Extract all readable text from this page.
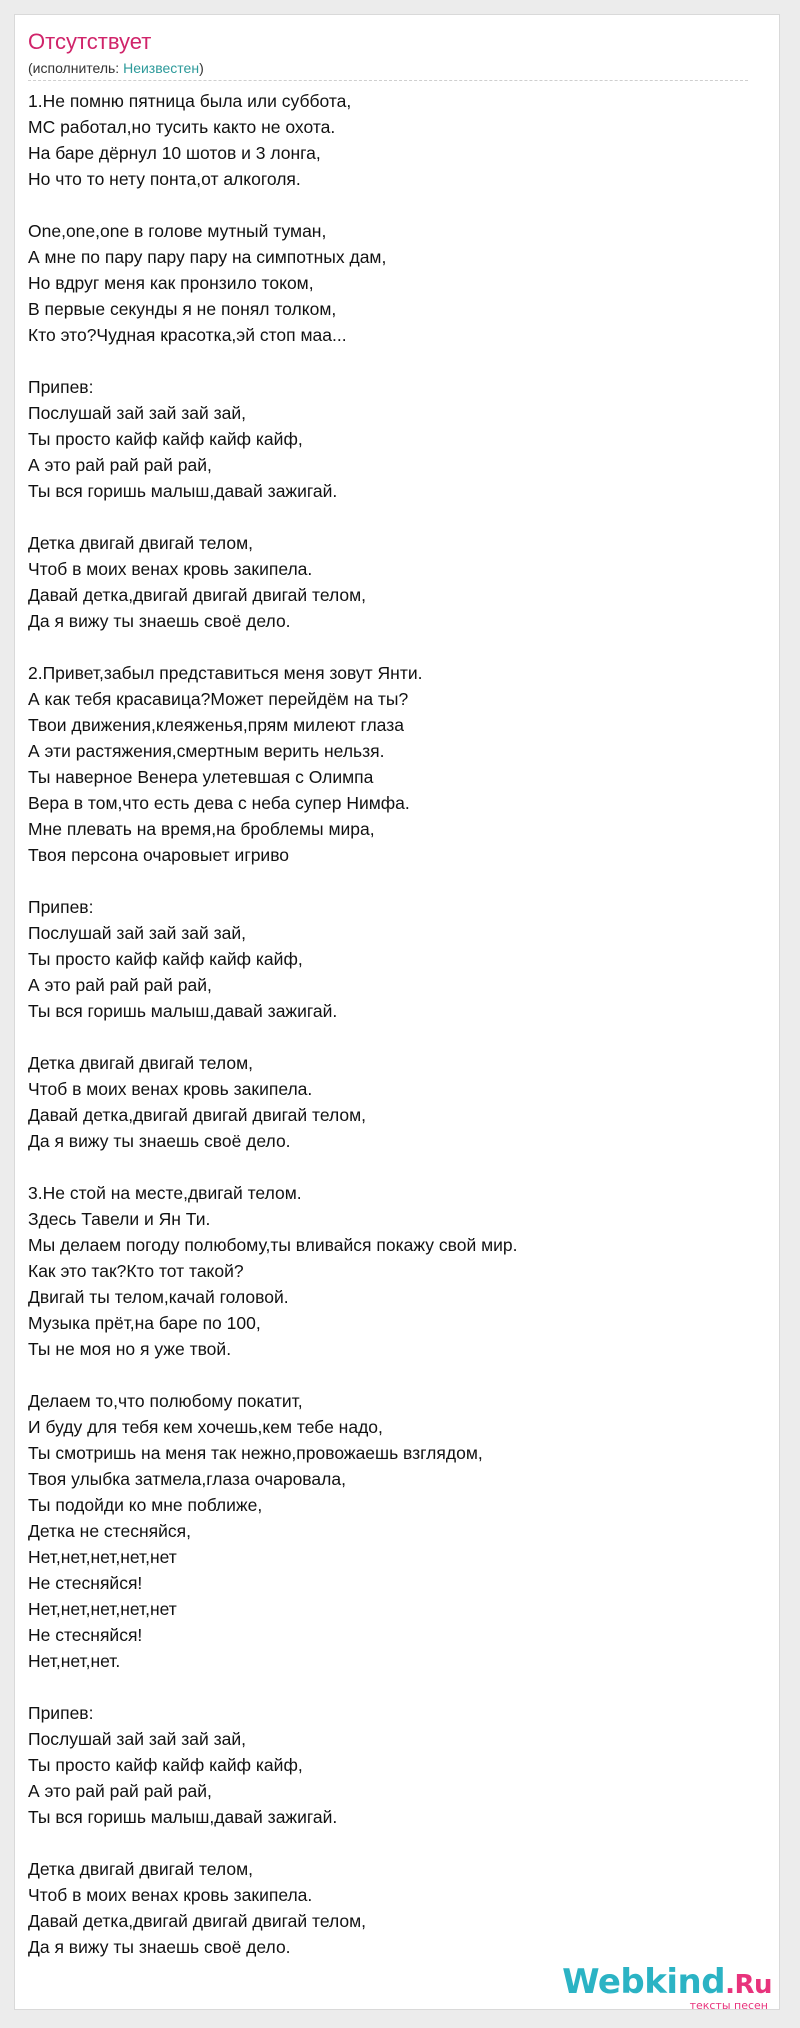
Отсутствует
(исполнитель: Неизвестен)
1.Не помню пятница была или суббота,
МС работал,но тусить както не охота.
На баре дёрнул 10 шотов и 3 лонга,
Но что то нету понта,от алкоголя.
One,one,one в голове мутный туман,
А мне по пару пару пару на симпотных дам,
Но вдруг меня как пронзило током,
В первые секунды я не понял толком,
Кто это?Чудная красотка,эй стоп маа...
Припев:
Послушай зай зай зай зай,
Ты просто кайф кайф кайф кайф,
А это рай рай рай рай,
Ты вся горишь малыш,давай зажигай.
Детка двигай двигай телом,
Чтоб в моих венах кровь закипела.
Давай детка,двигай двигай двигай телом,
Да я вижу ты знаешь своё дело.
2.Привет,забыл представиться меня зовут Янти.
А как тебя красавица?Может перейдём на ты?
Твои движения,клеяженья,прям милеют глаза
А эти растяжения,смертным верить нельзя.
Ты наверное Венера улетевшая с Олимпа
Вера в том,что есть дева с неба супер Нимфа.
Мне плевать на время,на броблемы мира,
Твоя персона очаровыет игриво
Припев:
Послушай зай зай зай зай,
Ты просто кайф кайф кайф кайф,
А это рай рай рай рай,
Ты вся горишь малыш,давай зажигай.
Детка двигай двигай телом,
Чтоб в моих венах кровь закипела.
Давай детка,двигай двигай двигай телом,
Да я вижу ты знаешь своё дело.
3.Не стой на месте,двигай телом.
Здесь Тавели и Ян Ти.
Мы делаем погоду полюбому,ты вливайся покажу свой мир.
Как это так?Кто тот такой?
Двигай ты телом,качай головой.
Музыка прёт,на баре по 100,
Ты не моя но я уже твой.
Делаем то,что полюбому покатит,
И буду для тебя кем хочешь,кем тебе надо,
Ты смотришь на меня так нежно,провожаешь взглядом,
Твоя улыбка затмела,глаза очаровала,
Ты подойди ко мне поближе,
Детка не стесняйся,
Нет,нет,нет,нет,нет
Не стесняйся!
Нет,нет,нет,нет,нет
Не стесняйся!
Нет,нет,нет.
Припев:
Послушай зай зай зай зай,
Ты просто кайф кайф кайф кайф,
А это рай рай рай рай,
Ты вся горишь малыш,давай зажигай.
Детка двигай двигай телом,
Чтоб в моих венах кровь закипела.
Давай детка,двигай двигай двигай телом,
Да я вижу ты знаешь своё дело.
Webkind.Ru
тексты песен
